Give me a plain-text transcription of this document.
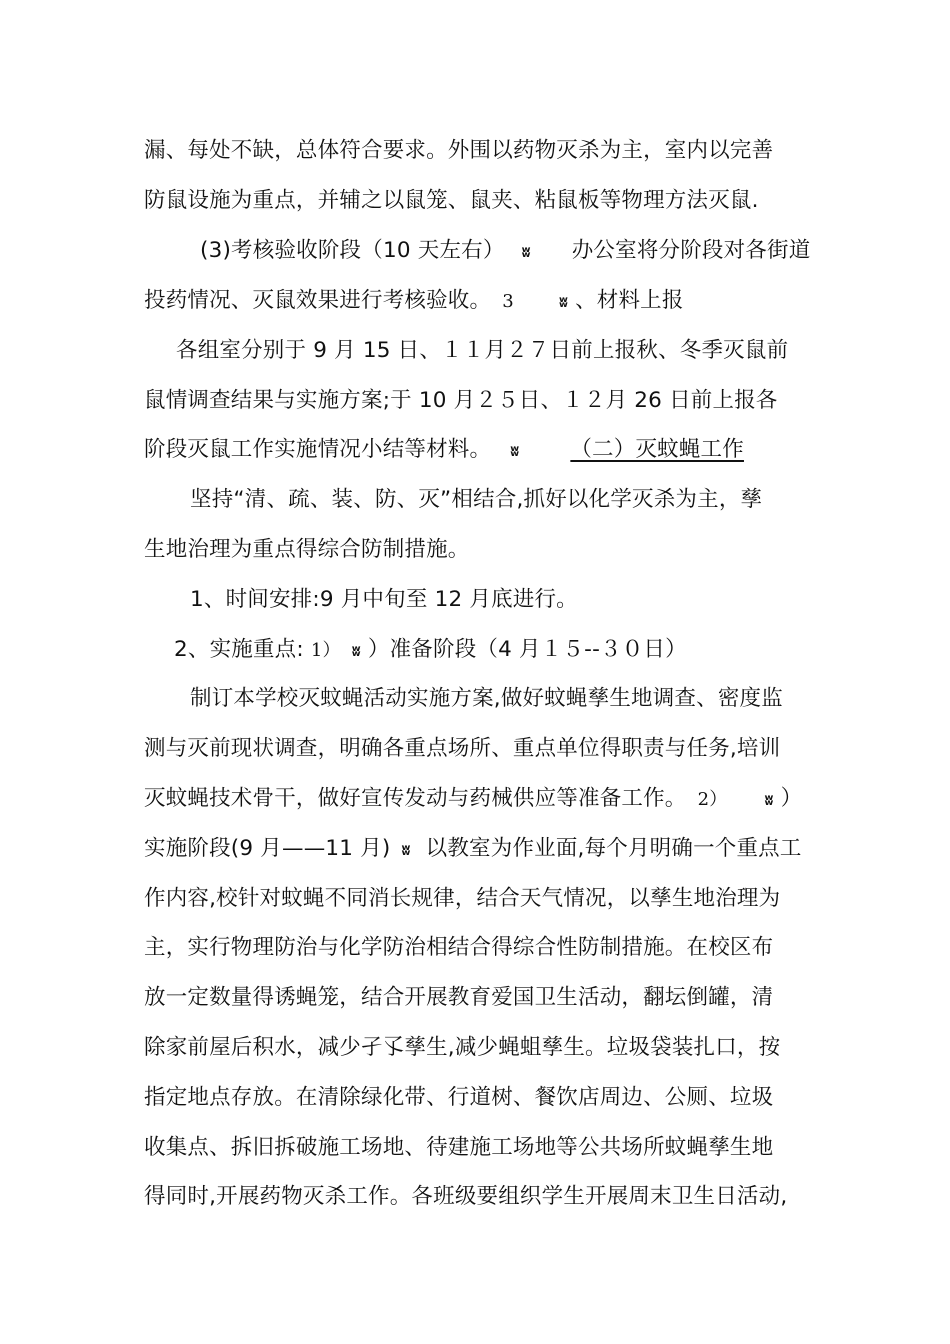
漏、每处不缺，总体符合要求。外围以药物灭杀为主，室内以完善
防鼠设施为重点，并辅之以鼠笼、鼠夹、粘鼠板等物理方法灭鼠.
(3)考核验收阶段（10 天左右） ʬ 办公室将分阶段对各街道
投药情况、灭鼠效果进行考核验收。 3	ʬ 、材料上报
各组室分别于 9 月 15 日、１１月２７日前上报秋、冬季灭鼠前
鼠情调查结果与实施方案;于 10 月２５日、１２月 26 日前上报各
阶段灭鼠工作实施情况小结等材料。 ʬ （二）灭蚊蝇工作
坚持“清、疏、装、防、灭”相结合,抓好以化学灭杀为主，孳
生地治理为重点得综合防制措施。
1、时间安排:9 月中旬至 12 月底进行。
2、实施重点: 1） ʬ ）准备阶段（4 月１５--３０日）
制订本学校灭蚊蝇活动实施方案,做好蚊蝇孳生地调查、密度监
测与灭前现状调查，明确各重点场所、重点单位得职责与任务,培训
灭蚊蝇技术骨干，做好宣传发动与药械供应等准备工作。 2） ʬ ）
实施阶段(9 月——11 月) ʬ 以教室为作业面,每个月明确一个重点工
作内容,校针对蚊蝇不同消长规律，结合天气情况，以孳生地治理为
主，实行物理防治与化学防治相结合得综合性防制措施。在校区布
放一定数量得诱蝇笼，结合开展教育爱国卫生活动，翻坛倒罐，清
除家前屋后积水，减少孑孓孳生,减少蝇蛆孳生。垃圾袋装扎口，按
指定地点存放。在清除绿化带、行道树、餐饮店周边、公厕、垃圾
收集点、拆旧拆破施工场地、待建施工场地等公共场所蚊蝇孳生地
得同时,开展药物灭杀工作。各班级要组织学生开展周末卫生日活动,
